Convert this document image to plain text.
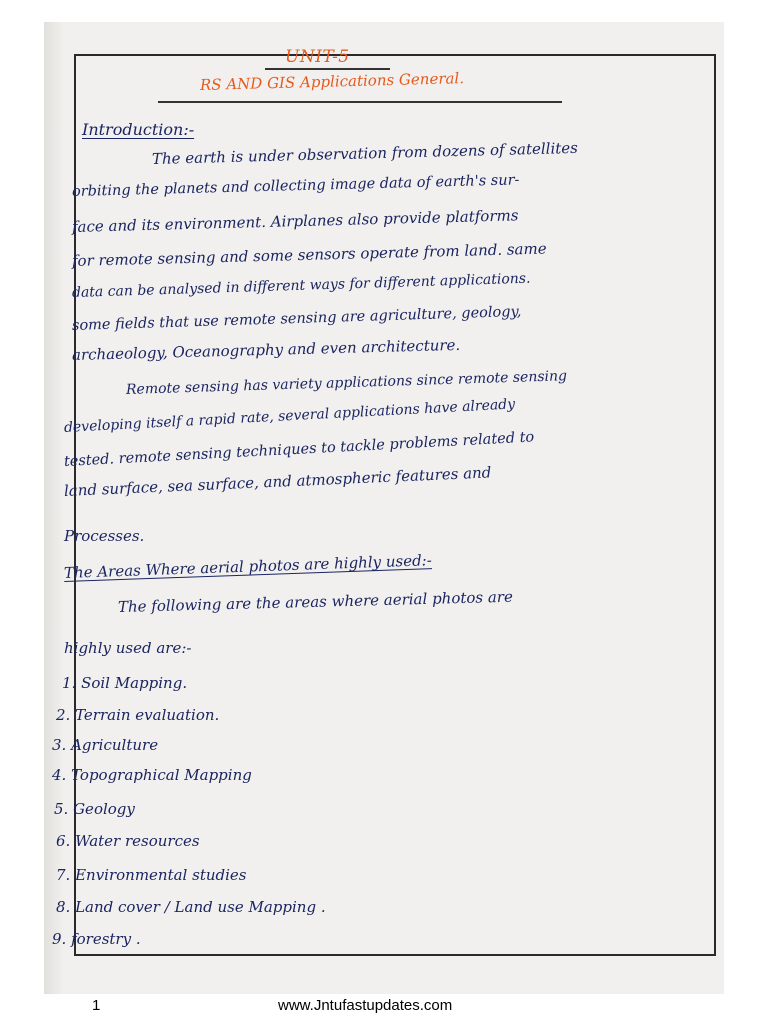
UNIT-5
RS AND GIS Applications General.
Introduction:-
The earth is under observation from dozens of satellites
orbiting the planets and collecting image data of earth's sur-
face and its environment. Airplanes also provide platforms
for remote sensing and some sensors operate from land. same
data can be analysed in different ways for different applications.
some fields that use remote sensing are agriculture, geology,
archaeology, Oceanography and even architecture.
Remote sensing has variety applications since remote sensing
developing itself a rapid rate, several applications have already
tested. remote sensing techniques to tackle problems related to
land surface, sea surface, and atmospheric features and
Processes.
The Areas Where aerial photos are highly used:-
The following are the areas where aerial photos are
highly used are:-
1. Soil Mapping.
2. Terrain evaluation.
3. Agriculture
4. Topographical Mapping
5. Geology
6. Water resources
7. Environmental studies
8. Land cover / Land use Mapping .
9. forestry .
1	www.Jntufastupdates.com
